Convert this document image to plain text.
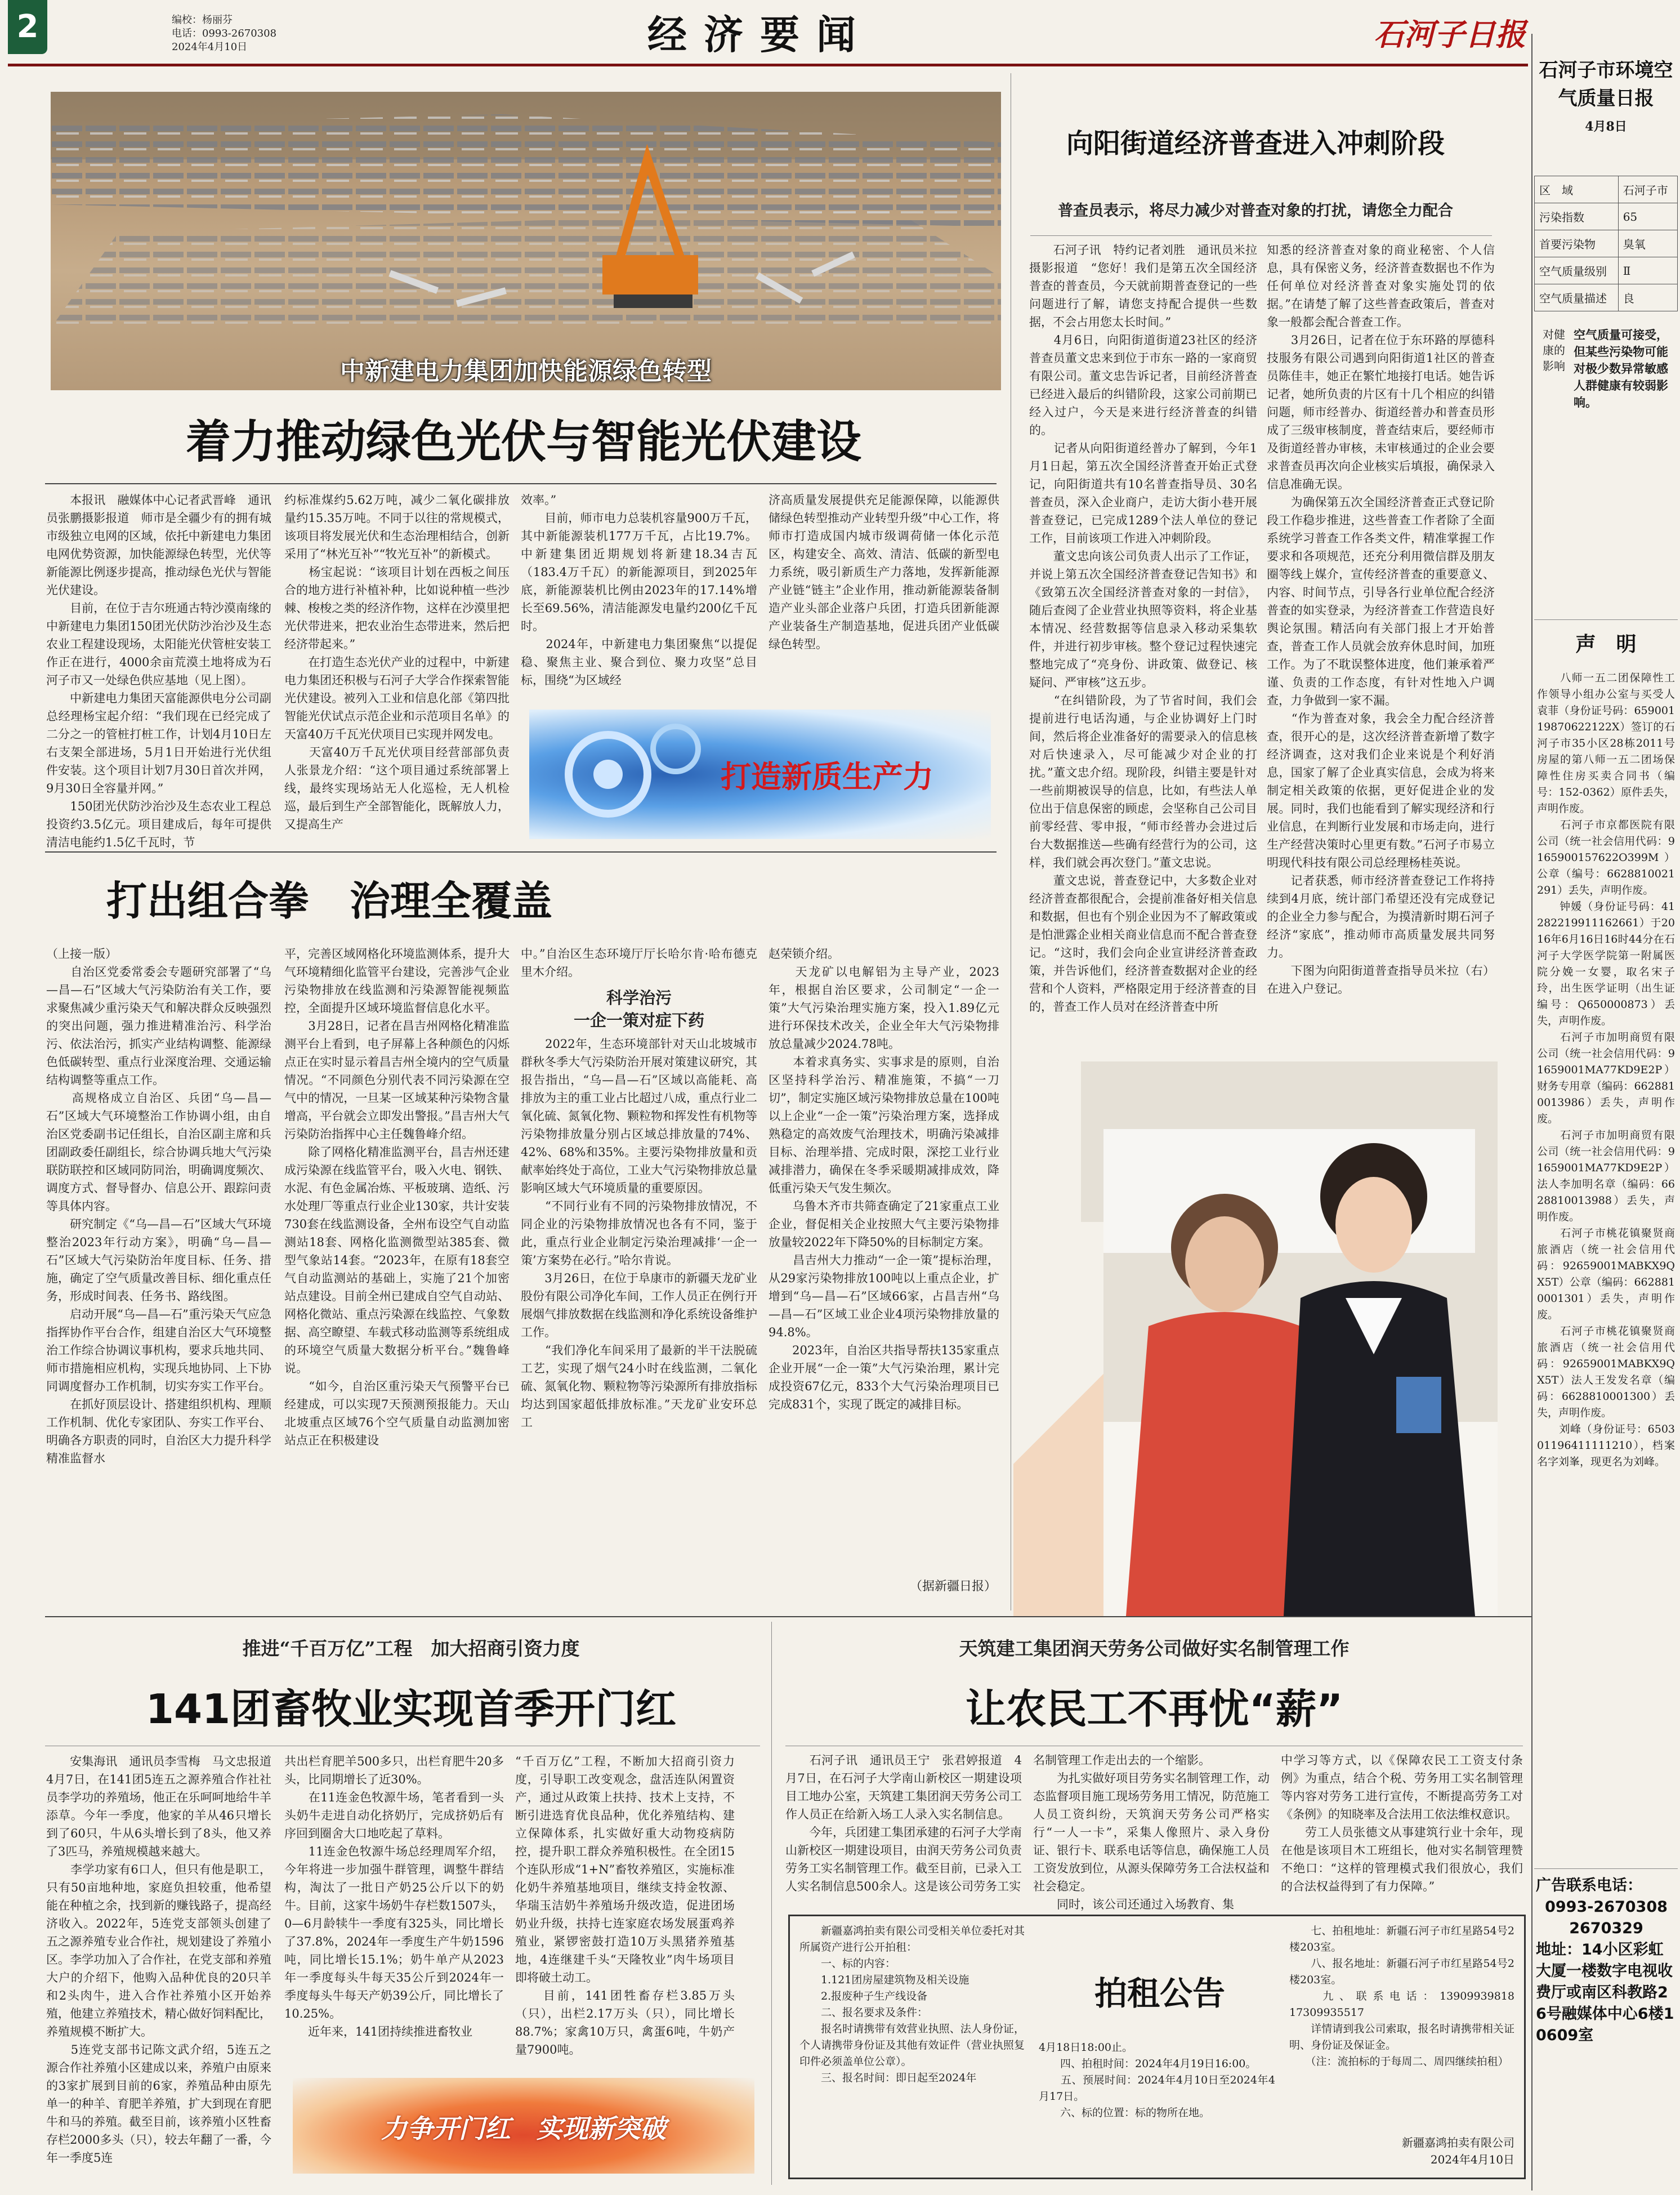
2	编校：杨丽芬
电话：0993-2670308
2024年4月10日	经济要闻	石河子日报
中新建电力集团加快能源绿色转型
着力推动绿色光伏与智能光伏建设
　　本报讯　融媒体中心记者武晋峰　通讯员张鹏摄影报道　师市是全疆少有的拥有城市级独立电网的区域，依托中新建电力集团电网优势资源，加快能源绿色转型，光伏等新能源比例逐步提高，推动绿色光伏与智能光伏建设。
　　目前，在位于吉尔班通古特沙漠南缘的中新建电力集团150团光伏防沙治沙及生态农业工程建设现场，太阳能光伏管桩安装工作正在进行，4000余亩荒漠土地将成为石河子市又一处绿色供应基地（见上图）。
　　中新建电力集团天富能源供电分公司副总经理杨宝起介绍：“我们现在已经完成了二分之一的管桩打桩工作，计划4月10日左右支架全部进场，5月1日开始进行光伏组件安装。这个项目计划7月30日首次并网，9月30日全容量并网。”
　　150团光伏防沙治沙及生态农业工程总投资约3.5亿元。项目建成后，每年可提供清洁电能约1.5亿千瓦时，节
约标准煤约5.62万吨，减少二氧化碳排放量约15.35万吨。不同于以往的常规模式，该项目将发展光伏和生态治理相结合，创新采用了“林光互补”“牧光互补”的新模式。
　　杨宝起说：“该项目计划在西板之间压合的地方进行补植补种，比如说种植一些沙棘、梭梭之类的经济作物，这样在沙漠里把光伏带进来，把农业治生态带进来，然后把经济带起来。”
　　在打造生态光伏产业的过程中，中新建电力集团还积极与石河子大学合作探索智能光伏建设。被列入工业和信息化部《第四批智能光伏试点示范企业和示范项目名单》的天富40万千瓦光伏项目已实现并网发电。
　　天富40万千瓦光伏项目经营部部负责人张景龙介绍：“这个项目通过系统部署上线，最终实现场站无人化巡检，无人机检巡，最后到生产全部智能化，既解放人力，又提高生产
效率。”
　　目前，师市电力总装机容量900万千瓦，其中新能源装机177万千瓦，占比19.7%。中新建集团近期规划将新建18.34吉瓦（183.4万千瓦）的新能源项目，到2025年底，新能源装机比例由2023年的17.14%增长至69.56%，清洁能源发电量约200亿千瓦时。
　　2024年，中新建电力集团聚焦“以提促稳、聚焦主业、聚合到位、聚力攻坚”总目标，围绕“为区域经
济高质量发展提供充足能源保障，以能源供储绿色转型推动产业转型升级”中心工作，将师市打造成国内城市级调荷储一体化示范区，构建安全、高效、清洁、低碳的新型电力系统，吸引新质生产力落地，发挥新能源产业链“链主”企业作用，推动新能源装备制造产业头部企业落户兵团，打造兵团新能源产业装备生产制造基地，促进兵团产业低碳绿色转型。
打造新质生产力
打出组合拳　治理全覆盖
（上接一版）
　　自治区党委常委会专题研究部署了“乌—昌—石”区域大气污染防治有关工作，要求聚焦减少重污染天气和解决群众反映强烈的突出问题，强力推进精准治污、科学治污、依法治污，抓实产业结构调整、能源绿色低碳转型、重点行业深度治理、交通运输结构调整等重点工作。
　　高规格成立自治区、兵团“乌—昌—石”区域大气环境整治工作协调小组，由自治区党委副书记任组长，自治区副主席和兵团副政委任副组长，综合协调兵地大气污染联防联控和区域同防同治，明确调度频次、调度方式、督导督办、信息公开、跟踪问责等具体内容。
　　研究制定《“乌—昌—石”区域大气环境整治2023年行动方案》，明确“乌—昌—石”区域大气污染防治年度目标、任务、措施，确定了空气质量改善目标、细化重点任务，形成时间表、任务书、路线图。
　　启动开展“乌—昌—石”重污染天气应急指挥协作平台合作，组建自治区大气环境整治工作综合协调议事机构，要求兵地共同、师市措施相应机构，实现兵地协同、上下协同调度督办工作机制，切实夯实工作平台。
　　在抓好顶层设计、搭建组织机构、理顺工作机制、优化专家团队、夯实工作平台、明确各方职责的同时，自治区大力提升科学精准监督水
平，完善区域网格化环境监测体系，提升大气环境精细化监管平台建设，完善涉气企业污染物排放在线监测和污染源智能视频监控，全面提升区域环境监督信息化水平。
　　3月28日，记者在昌吉州网格化精准监测平台上看到，电子屏幕上各种颜色的闪烁点正在实时显示着昌吉州全境内的空气质量情况。“不同颜色分别代表不同污染源在空气中的情况，一旦某一区域某种污染物含量增高，平台就会立即发出警报。”昌吉州大气污染防治指挥中心主任魏鲁峰介绍。
　　除了网格化精准监测平台，昌吉州还建成污染源在线监管平台，吸入火电、钢铁、水泥、有色金属冶炼、平板玻璃、造纸、污水处理厂等重点行业企业130家，共计安装730套在线监测设备，全州布设空气自动监测站18套、网格化监测微型站385套、微型气象站14套。“2023年，在原有18套空气自动监测站的基础上，实施了21个加密站点建设。目前全州已建成自空气自动站、网格化微站、重点污染源在线监控、气象数据、高空瞭望、车载式移动监测等系统组成的环境空气质量大数据分析平台。”魏鲁峰说。
　　“如今，自治区重污染天气预警平台已经建成，可以实现7天预测预报能力。天山北坡重点区域76个空气质量自动监测加密站点正在积极建设
中。”自治区生态环境厅厅长哈尔肯·哈布德克里木介绍。

　　2022年，生态环境部针对天山北坡城市群秋冬季大气污染防治开展对策建议研究，其报告指出，“乌—昌—石”区域以高能耗、高排放为主的重工业占比超过八成，重点行业二氧化硫、氮氧化物、颗粒物和挥发性有机物等污染物排放量分别占区域总排放量的74%、42%、68%和35%。主要污染物排放量和贡献率始终处于高位，工业大气污染物排放总量影响区域大气环境质量的重要原因。
　　“不同行业有不同的污染物排放情况，不同企业的污染物排放情况也各有不同，鉴于此，重点行业企业制定污染治理减排‘一企一策’方案势在必行。”哈尔肯说。
　　3月26日，在位于阜康市的新疆天龙矿业股份有限公司净化车间，工作人员正在例行开展烟气排放数据在线监测和净化系统设备维护工作。
　　“我们净化车间采用了最新的半干法脱硫工艺，实现了烟气24小时在线监测，二氧化硫、氮氧化物、颗粒物等污染源所有排放指标均达到国家超低排放标准。”天龙矿业安环总工
科学治污
一企一策对症下药
赵荣锁介绍。
　　天龙矿以电解铝为主导产业，2023年，根据自治区要求，公司制定“一企一策”大气污染治理实施方案，投入1.89亿元进行环保技术改关，企业全年大气污染物排放总量减少2024.78吨。
　　本着求真务实、实事求是的原则，自治区坚持科学治污、精准施策，不搞“一刀切”，制定实施区域污染物排放总量在100吨以上企业“一企一策”污染治理方案，选择成熟稳定的高效废气治理技术，明确污染减排目标、治理举措、完成时限，深挖工业行业减排潜力，确保在冬季采暖期减排成效，降低重污染天气发生频次。
　　乌鲁木齐市共筛查确定了21家重点工业企业，督促相关企业按照大气主要污染物排放量较2022年下降50%的目标制定方案。
　　昌吉州大力推动“一企一策”提标治理，从29家污染物排放100吨以上重点企业，扩增到“乌—昌—石”区域66家，占昌吉州“乌—昌—石”区域工业企业4项污染物排放量的94.8%。
　　2023年，自治区共指导帮扶135家重点企业开展“一企一策”大气污染治理，累计完成投资67亿元，833个大气污染治理项目已完成831个，实现了既定的减排目标。
（据新疆日报）
向阳街道经济普查进入冲刺阶段
普查员表示，将尽力减少对普查对象的打扰，请您全力配合
　　石河子讯　特约记者刘胜　通讯员米拉摄影报道　“您好！我们是第五次全国经济普查的普查员，今天就前期普查登记的一些问题进行了解，请您支持配合提供一些数据，不会占用您太长时间。”
　　4月6日，向阳街道街道23社区的经济普查员董文忠来到位于市东一路的一家商贸有限公司。董文忠告诉记者，目前经济普查已经进入最后的纠错阶段，这家公司前期已经入过户，今天是来进行经济普查的纠错的。
　　记者从向阳街道经普办了解到，今年1月1日起，第五次全国经济普查开始正式登记，向阳街道共有10名普查指导员、30名普查员，深入企业商户，走访大街小巷开展普查登记，已完成1289个法人单位的登记工作，目前该项工作进入冲刺阶段。
　　董文忠向该公司负责人出示了工作证，并说上第五次全国经济普查登记告知书》和《致第五次全国经济普查对象的一封信》，随后查阅了企业营业执照等资料，将企业基本情况、经营数据等信息录入移动采集软件，并进行初步审核。整个登记过程快速完整地完成了“亮身份、讲政策、做登记、核疑问、严审核”这五步。
　　“在纠错阶段，为了节省时间，我们会提前进行电话沟通，与企业协调好上门时间，然后将企业准备好的需要录入的信息核对后快速录入，尽可能减少对企业的打扰。”董文忠介绍。现阶段，纠错主要是针对一些前期被误导的信息，比如，有些法人单位出于信息保密的顾虑，会坚称自己公司目前零经营、零申报，“师市经普办会进过后台大数据推送—些确有经营行为的公司，这样，我们就会再次登门。”董文忠说。
　　董文忠说，普查登记中，大多数企业对经济普查都很配合，会提前准备好相关信息和数据，但也有个别企业因为不了解政策或是怕泄露企业相关商业信息而不配合普查登记。“这时，我们会向企业宣讲经济普查政策，并告诉他们，经济普查数据对企业的经营和个人资料，严格限定用于经济普查的目的，普查工作人员对在经济普查中所
知悉的经济普查对象的商业秘密、个人信息，具有保密义务，经济普查数据也不作为任何单位对经济普查对象实施处罚的依据。”在请楚了解了这些普查政策后，普查对象一般都会配合普查工作。
　　3月26日，记者在位于东环路的厚德科技服务有限公司遇到向阳街道1社区的普查员陈佳丰，她正在繁忙地接打电话。她告诉记者，她所负责的片区有十几个相应的纠错问题，师市经普办、街道经普办和普查员形成了三级审核制度，普查结束后，要经师市及街道经普办审核，未审核通过的企业会要求普查员再次向企业核实后填报，确保录入信息准确无误。
　　为确保第五次全国经济普查正式登记阶段工作稳步推进，这些普查工作者除了全面系统学习普查工作各类文件，精准掌握工作要求和各项规范，还充分利用微信群及朋友圈等线上媒介，宣传经济普查的重要意义、内容、时间节点，引导各行业单位配合经济普查的如实登录，为经济普查工作营造良好舆论氛围。精活向有关部门报上才开始普查，普查工作人员就会放弃休息时间，加班工作。为了不耽误整体进度，他们兼承着严谨、负责的工作态度，有针对性地入户调查，力争做到一家不漏。
　　“作为普查对象，我会全力配合经济普查，很开心的是，这次经济普查新增了数字经济调查，这对我们企业来说是个利好消息，国家了解了企业真实信息，会成为将来制定相关政策的依据，更好促进企业的发展。同时，我们也能看到了解实现经济和行业信息，在判断行业发展和市场走向，进行生产经营决策时心里更有数。”石河子市易立明现代科技有限公司总经理杨桂英说。
　　记者获悉，师市经济普查登记工作将持续到4月底，统计部门希望还没有完成登记的企业全力参与配合，为摸清新时期石河子经济“家底”，推动师市高质量发展共同努力。
　　下图为向阳街道普查指导员米拉（右）在进入户登记。
推进“千百万亿”工程　加大招商引资力度
141团畜牧业实现首季开门红
　　安集海讯　通讯员李雪梅　马文忠报道　4月7日，在141团5连五之源养殖合作社社员李学功的养殖场，他正在乐呵呵地给牛羊添草。今年一季度，他家的羊从46只增长到了60只，牛从6头增长到了8头，他又养了3匹马，养殖规模越来越大。
　　李学功家有6口人，但只有他是职工，只有50亩地种地，家庭负担较重，他希望能在种植之余，找到新的赚钱路子，提高经济收入。2022年，5连党支部领头创建了五之源养殖专业合作社，规划建设了养殖小区。李学功加入了合作社，在党支部和养殖大户的介绍下，他购入品种优良的20只羊和2头肉牛，进入合作社养殖小区开始养殖，他建立养殖技术，精心做好饲料配比，养殖规模不断扩大。
　　5连党支部书记陈文武介绍，5连五之源合作社养殖小区建成以来，养殖户由原来的3家扩展到目前的6家，养殖品种由原先单一的种羊、育肥羊养殖，扩大到现在育肥牛和马的养殖。截至目前，该养殖小区牲畜存栏2000多头（只），较去年翻了一番，今年一季度5连
共出栏育肥羊500多只，出栏育肥牛20多头，比同期增长了近30%。
　　在11连金色牧源牛场，笔者看到一头头奶牛走进自动化挤奶厅，完成挤奶后有序回到圈舍大口地吃起了草料。
　　11连金色牧源牛场总经理周军介绍，今年将进一步加强牛群管理，调整牛群结构，淘汰了一批日产奶25公斤以下的奶牛。目前，这家牛场奶牛存栏数1507头，0—6月龄犊牛一季度有325头，同比增长了37.8%，2024年一季度生产牛奶1596吨，同比增长15.1%；奶牛单产从2023年一季度每头牛每天35公斤到2024年一季度每头牛每天产奶39公斤，同比增长了10.25%。
　　近年来，141团持续推进畜牧业
“千百万亿”工程，不断加大招商引资力度，引导职工改变观念，盘活连队闲置资产，通过从政策上扶持、技术上支持，不断引进选育优良品种，优化养殖结构、建立保障体系，扎实做好重大动物疫病防控，提升职工群众养殖积极性。在全团15个连队形成“1+N”畜牧养殖区，实施标准化奶牛养殖基地项目，继续支持金牧源、华瑞玉洁奶牛养殖场升级改造，促进团场奶业升级，扶持七连家庭农场发展蛋鸡养殖业，紧锣密鼓打造10万头黑猪养殖基地，4连继建千头“天隆牧业”肉牛场项目即将破土动工。
　　目前，141团牲畜存栏3.85万头（只），出栏2.17万头（只），同比增长88.7%；家禽10万只，禽蛋6吨，牛奶产量7900吨。
力争开门红　实现新突破
天筑建工集团润天劳务公司做好实名制管理工作
让农民工不再忧“薪”
　　石河子讯　通讯员王宁　张君婷报道　4月7日，在石河子大学南山新校区一期建设项目工地办公室，天筑建工集团润天劳务公司工作人员正在给新入场工人录入实名制信息。
　　今年，兵团建工集团承建的石河子大学南山新校区一期建设项目，由润天劳务公司负责劳务工实名制管理工作。截至目前，已录入工人实名制信息500余人。这是该公司劳务工实
名制管理工作走出去的一个缩影。
　　为扎实做好项目劳务实名制管理工作，动态监督项目施工现场劳务用工情况，防范施工人员工资纠纷，天筑润天劳务公司严格实行“一人一卡”，采集人像照片、录入身份证、银行卡、联系电话等信息，确保施工人员工资发放到位，从源头保障劳务工合法权益和社会稳定。
　　同时，该公司还通过入场教育、集
中学习等方式，以《保障农民工工资支付条例》为重点，结合个税、劳务用工实名制管理等内容对劳务工进行宣传，不断提高劳务工对《条例》的知晓率及合法用工依法维权意识。
　　劳工人员张德文从事建筑行业十余年，现在他是该项目木工班组长，他对实名制管理赞不绝口：“这样的管理模式我们很放心，我们的合法权益得到了有力保障。”
　　新疆嘉鸿拍卖有限公司受相关单位委托对其所属资产进行公开拍租：
　　一、标的内容：
　　1.121团房屋建筑物及相关设施
　　2.报废种子生产线设备
　　二、报名要求及条件：
　　报名时请携带有效营业执照、法人身份证，个人请携带身份证及其他有效证件（营业执照复印件必须盖单位公章）。
　　三、报名时间：即日起至2024年
拍租公告
4月18日18:00止。
　　四、拍租时间：2024年4月19日16:00。
　　五、预展时间：2024年4月10日至2024年4月17日。
　　六、标的位置：标的物所在地。
　　七、拍租地址：新疆石河子市红星路54号2楼203室。
　　八、报名地址：新疆石河子市红星路54号2楼203室。
　　九、联系电话：13909939818　17309935517
　　详情请到我公司索取，报名时请携带相关证明、身份证及保证金。
　　（注：流拍标的于每周二、周四继续拍租）
新疆嘉鸿拍卖有限公司
2024年4月10日
石河子市环境空气质量日报
4月8日
区　域	石河子市
污染指数	65
首要污染物	臭氧
空气质量级别	Ⅱ
空气质量描述	良
对健康的影响
空气质量可接受，但某些污染物可能对极少数异常敏感人群健康有较弱影响。
声　明
　　八师一五二团保障性工作领导小组办公室与买受人袁菲（身份证号码：65900119870622122X）签订的石河子市35小区28栋2011号房屋的第八师一五二团场保障性住房买卖合同书（编号：152-0362）原件丢失，声明作废。
　　石河子市京都医院有限公司（统一社会信用代码：9165900157622O399M）公章（编号：6628810021291）丢失，声明作废。
　　钟媛（身份证号码：41282219911162661）于2016年6月16日16时44分在石河子大学医学院第一附属医院分娩一女婴，取名宋子玲，出生医学证明（出生证编号：Q650000873）丢失，声明作废。
　　石河子市加明商贸有限公司（统一社会信用代码：91659001MA77KD9E2P）财务专用章（编码：6628810013986）丢失，声明作废。
　　石河子市加明商贸有限公司（统一社会信用代码：91659001MA77KD9E2P）法人李加明名章（编码：6628810013988）丢失，声明作废。
　　石河子市桃花镇聚贤商旅酒店（统一社会信用代码：92659001MABKX9QX5T）公章（编码：6628810001301）丢失，声明作废。
　　石河子市桃花镇聚贤商旅酒店（统一社会信用代码：92659001MABKX9QX5T）法人王发发名章（编码：6628810001300）丢失，声明作废。
　　刘峰（身份证号：650301196411111210），档案名字刘峯，现更名为刘峰。
广告联系电话：
0993-2670308
2670329
地址：14小区彩虹大厦一楼数字电视收费厅或南区科教路26号融媒体中心6楼10609室
